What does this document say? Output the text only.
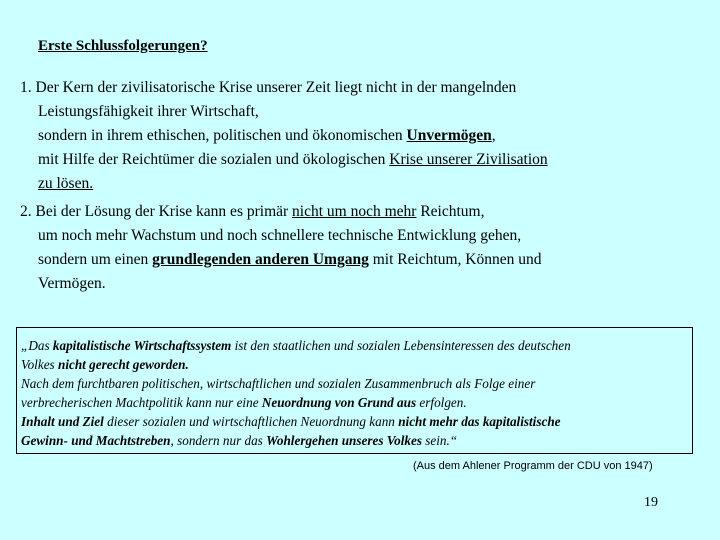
Erste Schlussfolgerungen?
1. Der Kern der zivilisatorische Krise unserer Zeit liegt nicht in der mangelnden
Leistungsfähigkeit ihrer Wirtschaft,
sondern in ihrem ethischen, politischen und ökonomischen Unvermögen,
mit Hilfe der Reichtümer die sozialen und ökologischen Krise unserer Zivilisation
zu lösen.
2. Bei der Lösung der Krise kann es primär nicht um noch mehr Reichtum,
um noch mehr Wachstum und noch schnellere technische Entwicklung gehen,
sondern um einen grundlegenden anderen Umgang mit Reichtum, Können und
Vermögen.
„Das kapitalistische Wirtschaftssystem ist den staatlichen und sozialen Lebensinteressen des deutschen
Volkes nicht gerecht geworden.
Nach dem furchtbaren politischen, wirtschaftlichen und sozialen Zusammenbruch als Folge einer
verbrecherischen Machtpolitik kann nur eine Neuordnung von Grund aus erfolgen.
Inhalt und Ziel dieser sozialen und wirtschaftlichen Neuordnung kann nicht mehr das kapitalistische
Gewinn- und Machtstreben, sondern nur das Wohlergehen unseres Volkes sein.“
(Aus dem Ahlener Programm der CDU von 1947)
19
